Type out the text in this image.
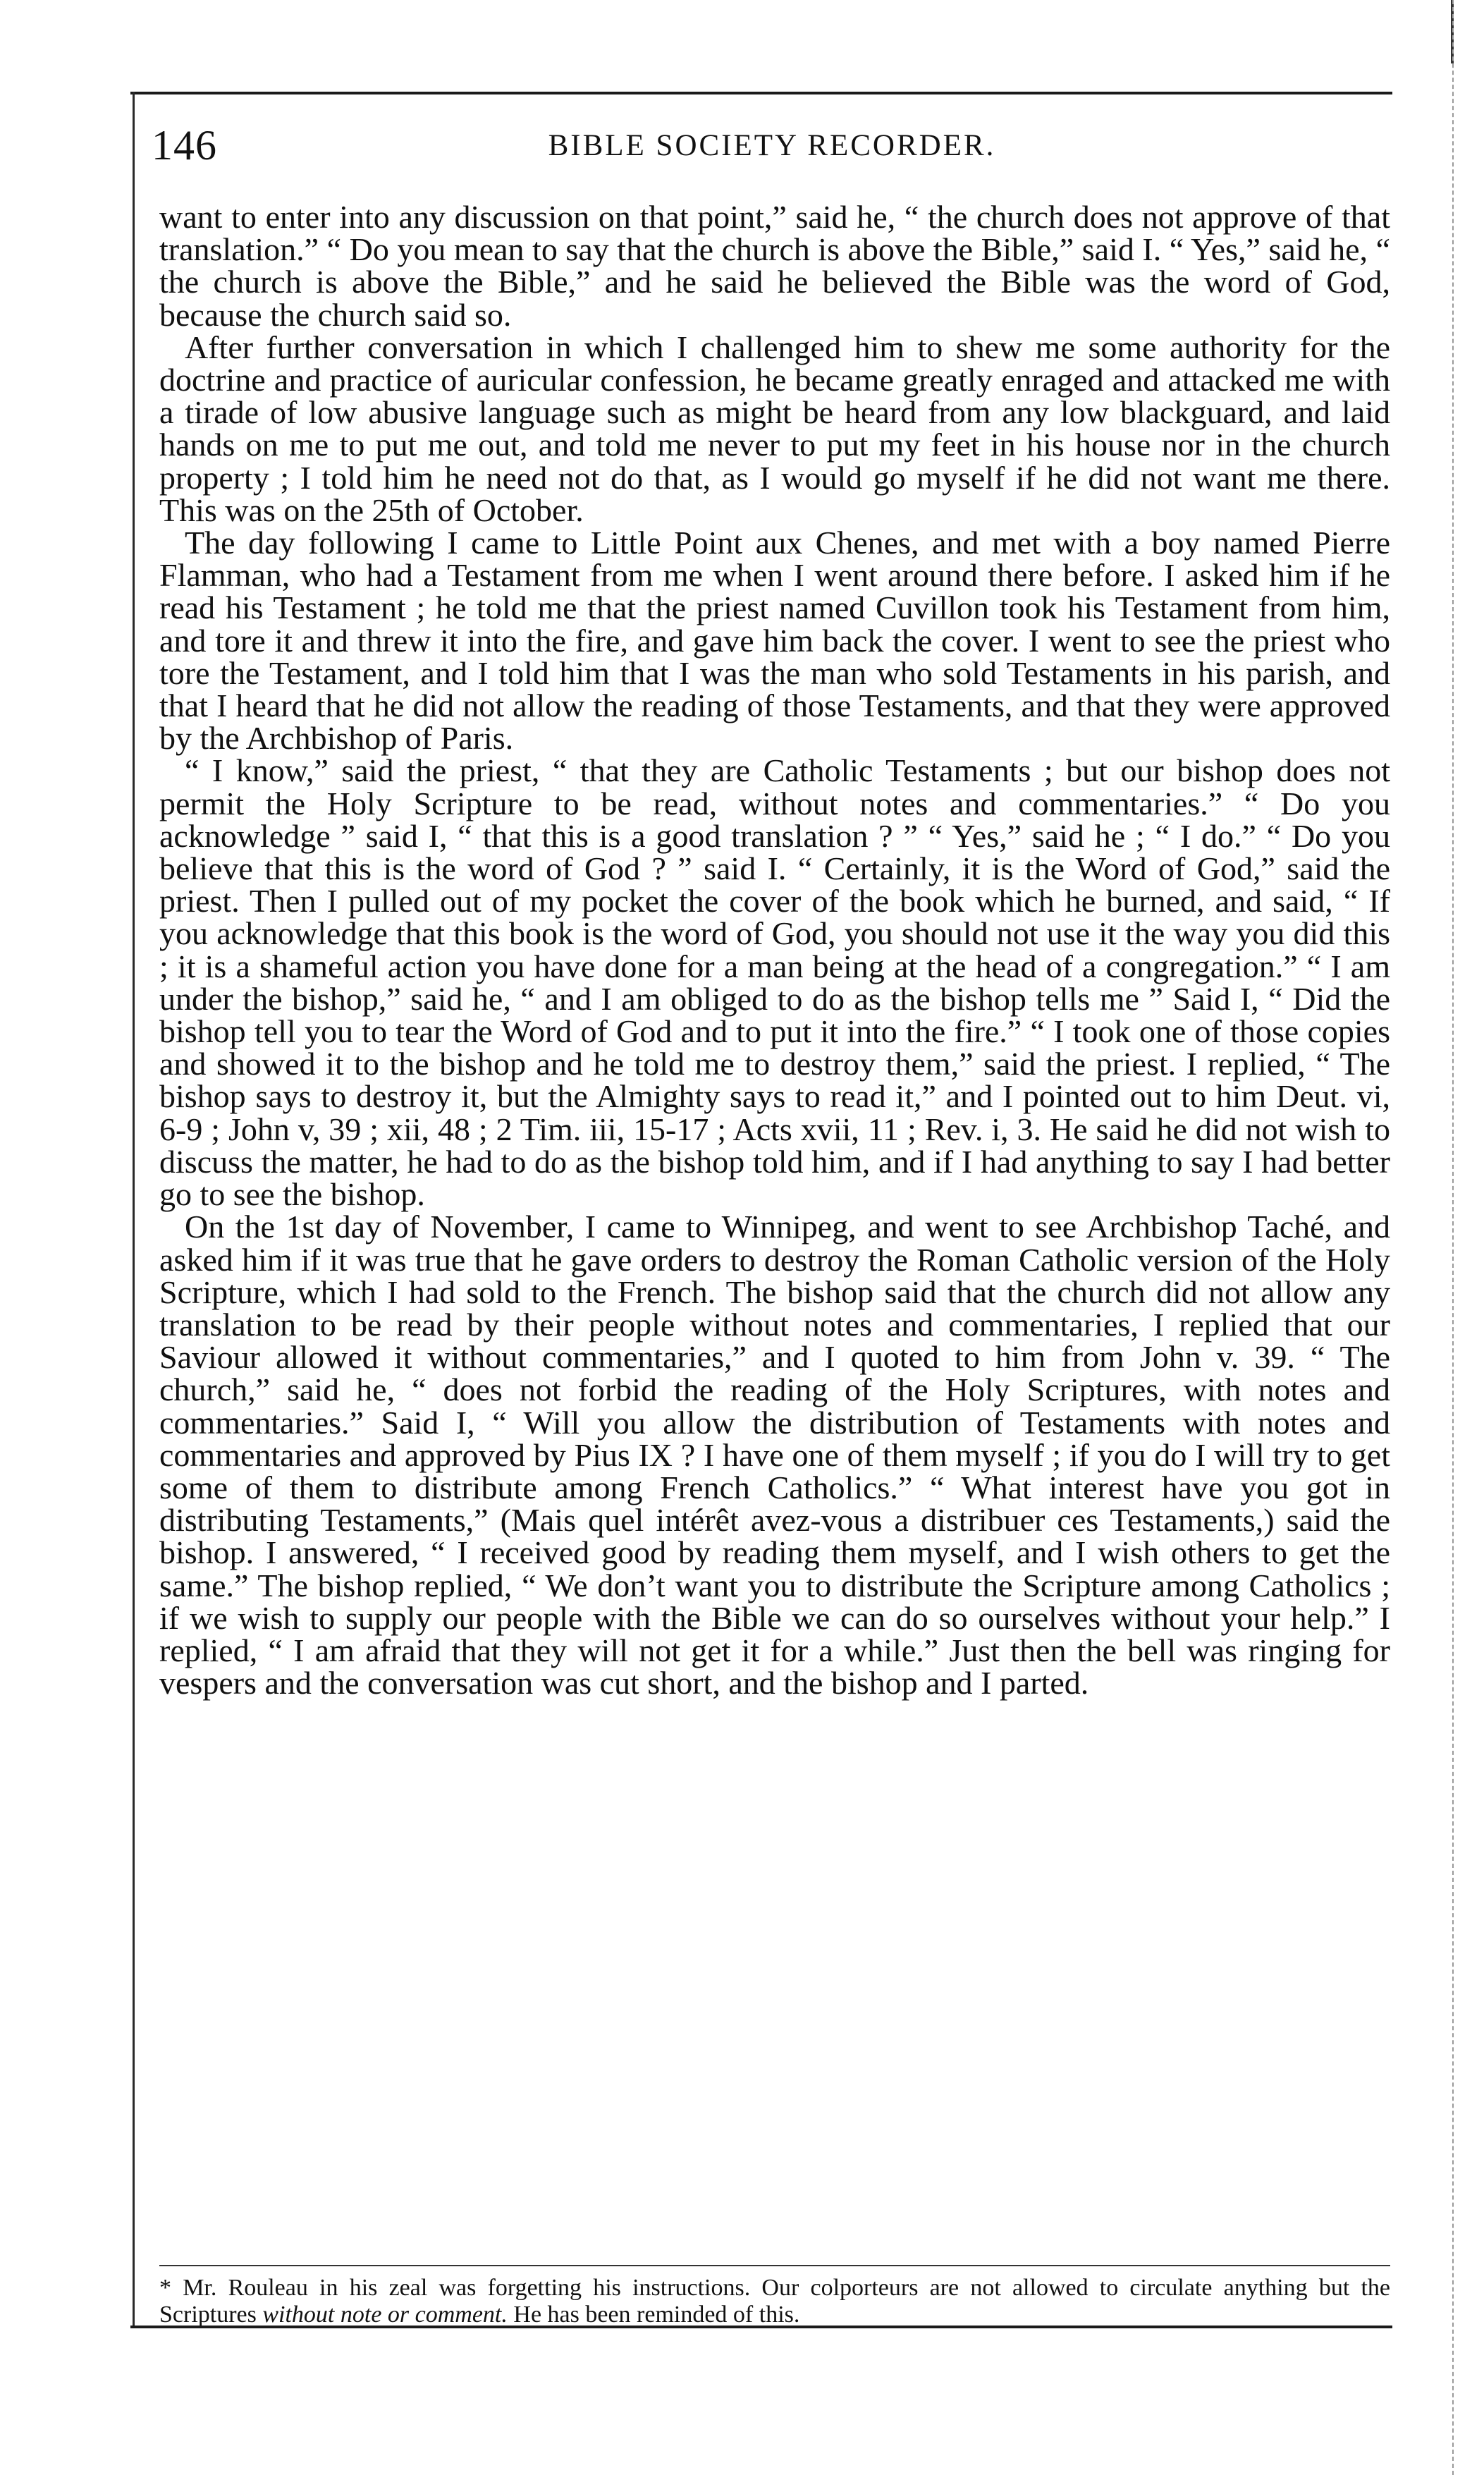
146	BIBLE SOCIETY RECORDER.

want to enter into any discussion on that point,” said he, “ the church does not approve of that translation.” “ Do you mean to say that the church is above the Bible,” said I. “ Yes,” said he, “ the church is above the Bible,” and he said he believed the Bible was the word of God, because the church said so.

After further conversation in which I challenged him to shew me some authority for the doctrine and practice of auricular confession, he became greatly enraged and attacked me with a tirade of low abusive language such as might be heard from any low blackguard, and laid hands on me to put me out, and told me never to put my feet in his house nor in the church property ; I told him he need not do that, as I would go myself if he did not want me there. This was on the 25th of October.

The day following I came to Little Point aux Chenes, and met with a boy named Pierre Flamman, who had a Testament from me when I went around there before. I asked him if he read his Testament ; he told me that the priest named Cuvillon took his Testament from him, and tore it and threw it into the fire, and gave him back the cover. I went to see the priest who tore the Testament, and I told him that I was the man who sold Testaments in his parish, and that I heard that he did not allow the reading of those Testaments, and that they were approved by the Archbishop of Paris.

“ I know,” said the priest, “ that they are Catholic Testaments ; but our bishop does not permit the Holy Scripture to be read, without notes and commentaries.” “ Do you acknowledge ” said I, “ that this is a good translation ? ” “ Yes,” said he ; “ I do.” “ Do you believe that this is the word of God ? ” said I. “ Certainly, it is the Word of God,” said the priest. Then I pulled out of my pocket the cover of the book which he burned, and said, “ If you acknowledge that this book is the word of God, you should not use it the way you did this ; it is a shameful action you have done for a man being at the head of a congregation.” “ I am under the bishop,” said he, “ and I am obliged to do as the bishop tells me ” Said I, “ Did the bishop tell you to tear the Word of God and to put it into the fire.” “ I took one of those copies and showed it to the bishop and he told me to destroy them,” said the priest. I replied, “ The bishop says to destroy it, but the Almighty says to read it,” and I pointed out to him Deut. vi, 6-9 ; John v, 39 ; xii, 48 ; 2 Tim. iii, 15-17 ; Acts xvii, 11 ; Rev. i, 3. He said he did not wish to discuss the matter, he had to do as the bishop told him, and if I had anything to say I had better go to see the bishop.

On the 1st day of November, I came to Winnipeg, and went to see Archbishop Taché, and asked him if it was true that he gave orders to destroy the Roman Catholic version of the Holy Scripture, which I had sold to the French. The bishop said that the church did not allow any translation to be read by their people without notes and commentaries, I replied that our Saviour allowed it without commentaries,” and I quoted to him from John v. 39. “ The church,” said he, “ does not forbid the reading of the Holy Scriptures, with notes and commentaries.” Said I, “ Will you allow the distribution of Testaments with notes and commentaries and approved by Pius IX ? I have one of them myself ; if you do I will try to get some of them to distribute among French Catholics.” “ What interest have you got in distributing Testaments,” (Mais quel intérêt avez-vous a distribuer ces Testaments,) said the bishop. I answered, “ I received good by reading them myself, and I wish others to get the same.” The bishop replied, “ We don’t want you to distribute the Scripture among Catholics ; if we wish to supply our people with the Bible we can do so ourselves without your help.” I replied, “ I am afraid that they will not get it for a while.” Just then the bell was ringing for vespers and the conversation was cut short, and the bishop and I parted.

* Mr. Rouleau in his zeal was forgetting his instructions. Our colporteurs are not allowed to circulate anything but the Scriptures without note or comment. He has been reminded of this.
